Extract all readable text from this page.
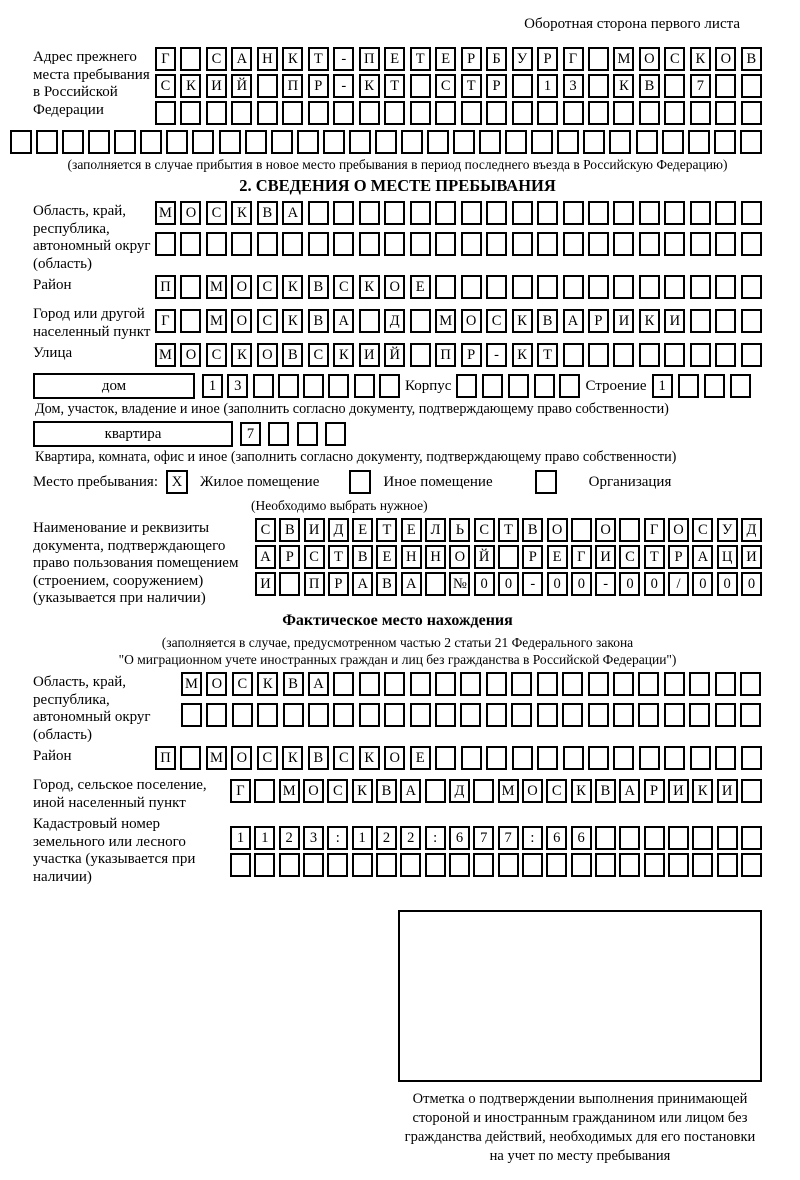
Оборотная сторона первого листа
Адрес прежнего места пребывания в Российской Федерации
Г	С	А	Н	К	Т	-	П	Е	Т	Е	Р	Б	У	Р	Г	М О	С	К	О	В
С	К	И	Й	П	Р	-	К	Т	С	Т	Р	1	3	К	В	7
(заполняется в случае прибытия в новое место пребывания в период последнего въезда в Российскую Федерацию)
2. СВЕДЕНИЯ О МЕСТЕ ПРЕБЫВАНИЯ
Область, край, республика, автономный округ (область)
М О	С	К	В	А
Район	П	М О	С	К	В	С	К	О	Е
Город или другой населенный пункт
Г	М О	С	К	В	А	Д	М О	С	К	В	А	Р	И	К	И
Улица	М О	С	К	О	В	С	К	И	Й	П	Р	-	К	Т
дом	1	3	Корпус	Строение 1
Дом, участок, владение и иное (заполнить согласно документу, подтверждающему право собственности)
квартира	7
Квартира, комната, офис и иное (заполнить согласно документу, подтверждающему право собственности)
Место пребывания: X	Жилое помещение	Иное помещение	Организация
(Необходимо выбрать нужное)
Наименование и реквизиты документа, подтверждающего право пользования помещением (строением, сооружением) (указывается при наличии)
С	В И Д	Е	Т	Е	Л	Ь	С	Т	В О	О	Г	О С У Д
А	Р	С	Т	В	Е	Н Н О Й	Р	Е	Г	И С	Т	Р	А Ц И
И	П	Р	А В А	№ 0	0	-	0	0	-	0	0	/	0	0	0
Фактическое место нахождения
(заполняется в случае, предусмотренном частью 2 статьи 21 Федерального закона
"О миграционном учете иностранных граждан и лиц без гражданства в Российской Федерации")
Область, край, республика, автономный округ (область)
М О	С	К	В	А
Район	П	М О	С	К	В	С	К	О	Е
Город, сельское поселение, иной населенный пункт
Г	М О С	К	В А	Д	М О С	К	В А	Р	И К И
Кадастровый номер земельного или лесного участка (указывается при наличии)
1	1	2	3	:	1	2	2	:	6	7	7	:	6	6
Отметка о подтверждении выполнения принимающей
стороной и иностранным гражданином или лицом без
гражданства действий, необходимых для его постановки
на учет по месту пребывания
